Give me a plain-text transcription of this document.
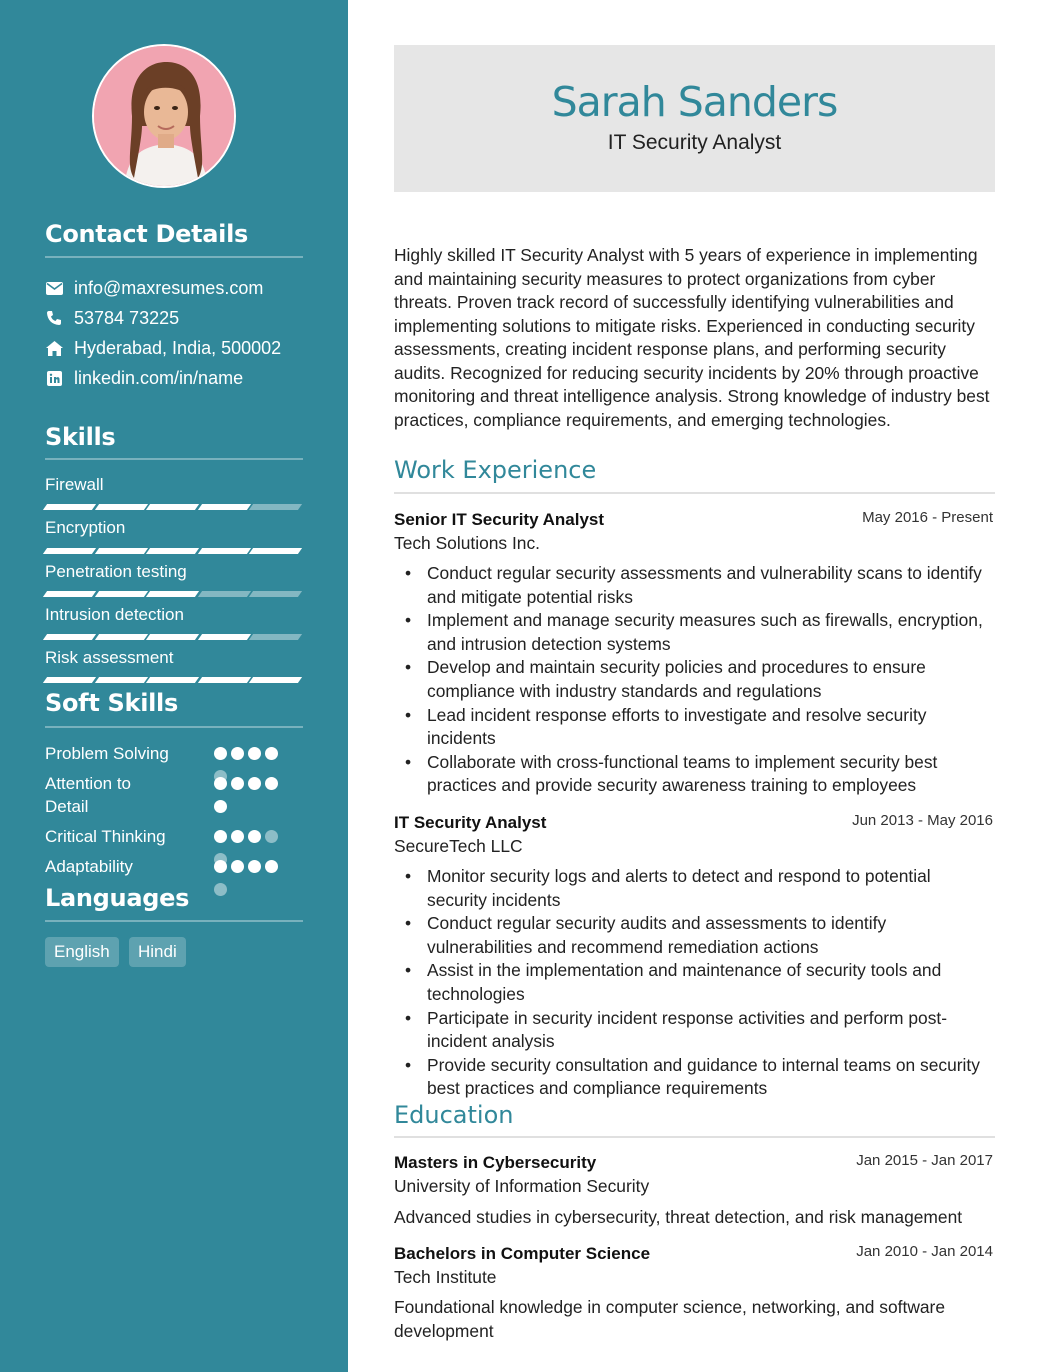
Contact Details
info@maxresumes.com
53784 73225
Hyderabad, India, 500002
linkedin.com/in/name
Skills
Firewall
Encryption
Penetration testing
Intrusion detection
Risk assessment
Soft Skills
Problem Solving
Attention to Detail
Critical Thinking
Adaptability
Languages
English	Hindi
Sarah Sanders
IT Security Analyst
Highly skilled IT Security Analyst with 5 years of experience in implementing and maintaining security measures to protect organizations from cyber threats. Proven track record of successfully identifying vulnerabilities and implementing solutions to mitigate risks. Experienced in conducting security assessments, creating incident response plans, and performing security audits. Recognized for reducing security incidents by 20% through proactive monitoring and threat intelligence analysis. Strong knowledge of industry best practices, compliance requirements, and emerging technologies.
Work Experience
Senior IT Security Analyst	May 2016 - Present
Tech Solutions Inc.
• Conduct regular security assessments and vulnerability scans to identify and mitigate potential risks
• Implement and manage security measures such as firewalls, encryption, and intrusion detection systems
• Develop and maintain security policies and procedures to ensure compliance with industry standards and regulations
• Lead incident response efforts to investigate and resolve security incidents
• Collaborate with cross-functional teams to implement security best practices and provide security awareness training to employees
IT Security Analyst	Jun 2013 - May 2016
SecureTech LLC
• Monitor security logs and alerts to detect and respond to potential security incidents
• Conduct regular security audits and assessments to identify vulnerabilities and recommend remediation actions
• Assist in the implementation and maintenance of security tools and technologies
• Participate in security incident response activities and perform post-incident analysis
• Provide security consultation and guidance to internal teams on security best practices and compliance requirements
Education
Masters in Cybersecurity	Jan 2015 - Jan 2017
University of Information Security
Advanced studies in cybersecurity, threat detection, and risk management
Bachelors in Computer Science	Jan 2010 - Jan 2014
Tech Institute
Foundational knowledge in computer science, networking, and software development
